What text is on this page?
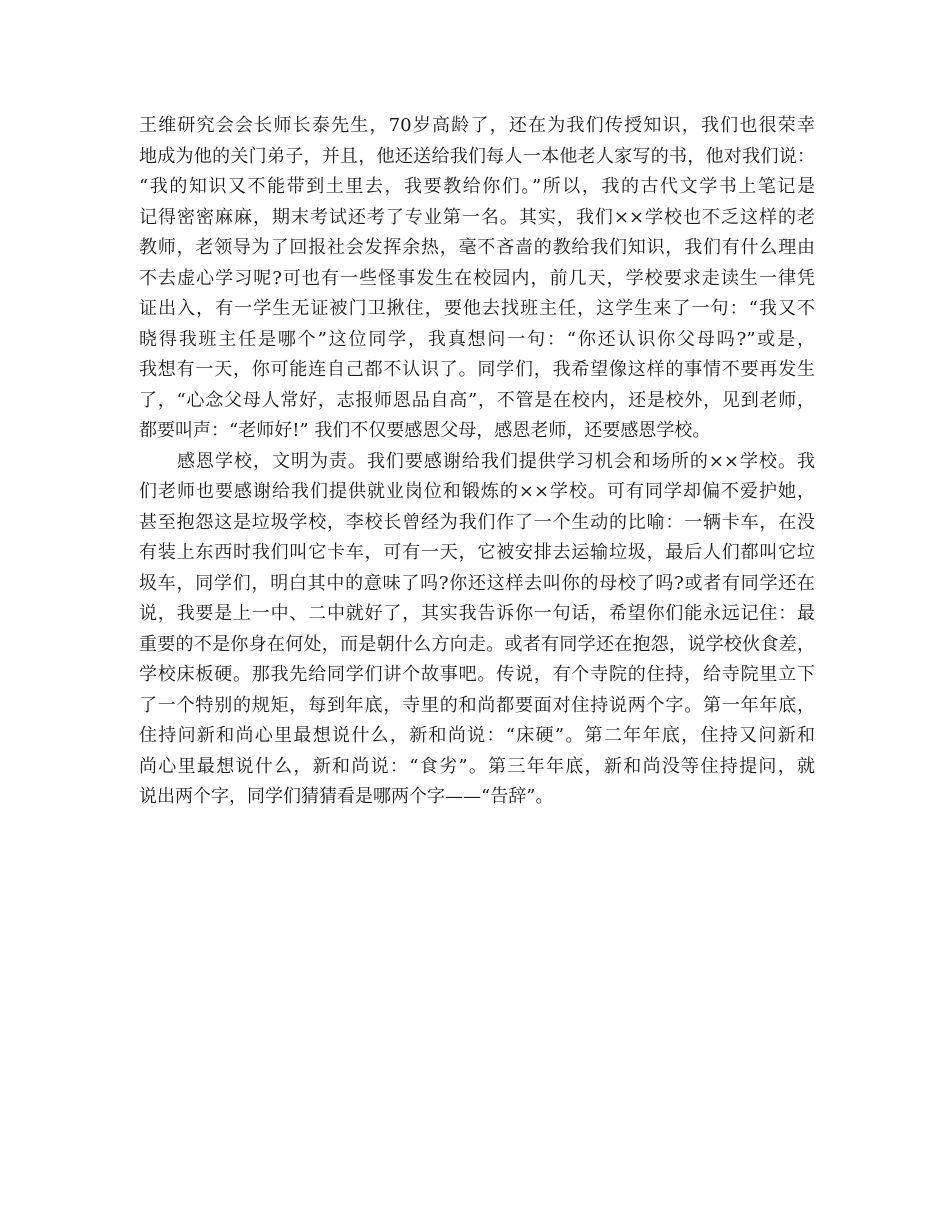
王维研究会会长师长泰先生，70岁高龄了，还在为我们传授知识，我们也很荣幸
地成为他的关门弟子，并且，他还送给我们每人一本他老人家写的书，他对我们说：
“我的知识又不能带到土里去，我要教给你们。”所以，我的古代文学书上笔记是
记得密密麻麻，期末考试还考了专业第一名。其实，我们××学校也不乏这样的老
教师，老领导为了回报社会发挥余热，毫不吝啬的教给我们知识，我们有什么理由
不去虚心学习呢?可也有一些怪事发生在校园内，前几天，学校要求走读生一律凭
证出入，有一学生无证被门卫揪住，要他去找班主任，这学生来了一句：“我又不
晓得我班主任是哪个”这位同学，我真想问一句：“你还认识你父母吗?”或是，
我想有一天，你可能连自己都不认识了。同学们，我希望像这样的事情不要再发生
了，“心念父母人常好，志报师恩品自高”，不管是在校内，还是校外，见到老师，
都要叫声：“老师好!” 我们不仅要感恩父母，感恩老师，还要感恩学校。
　　感恩学校，文明为责。我们要感谢给我们提供学习机会和场所的××学校。我
们老师也要感谢给我们提供就业岗位和锻炼的××学校。可有同学却偏不爱护她，
甚至抱怨这是垃圾学校，李校长曾经为我们作了一个生动的比喻：一辆卡车，在没
有装上东西时我们叫它卡车，可有一天，它被安排去运输垃圾，最后人们都叫它垃
圾车，同学们，明白其中的意味了吗?你还这样去叫你的母校了吗?或者有同学还在
说，我要是上一中、二中就好了，其实我告诉你一句话，希望你们能永远记住：最
重要的不是你身在何处，而是朝什么方向走。或者有同学还在抱怨，说学校伙食差，
学校床板硬。那我先给同学们讲个故事吧。传说，有个寺院的住持，给寺院里立下
了一个特别的规矩，每到年底，寺里的和尚都要面对住持说两个字。第一年年底，
住持问新和尚心里最想说什么，新和尚说：“床硬”。第二年年底，住持又问新和
尚心里最想说什么，新和尚说：“食劣”。第三年年底，新和尚没等住持提问，就
说出两个字，同学们猜猜看是哪两个字——“告辞”。
